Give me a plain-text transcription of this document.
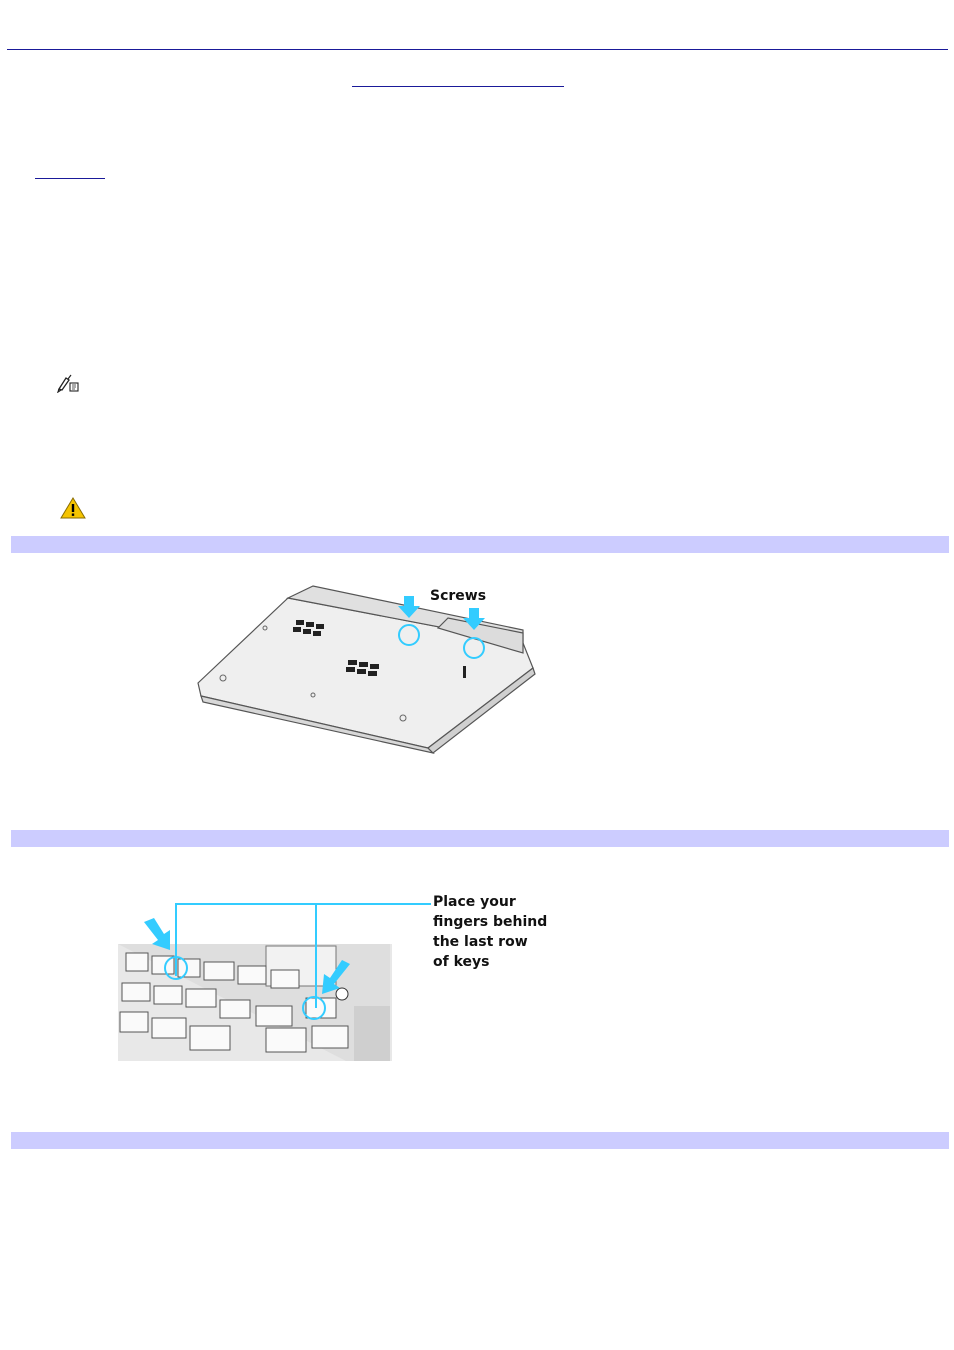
Screws
Place your
fingers behind
the last row
of keys
